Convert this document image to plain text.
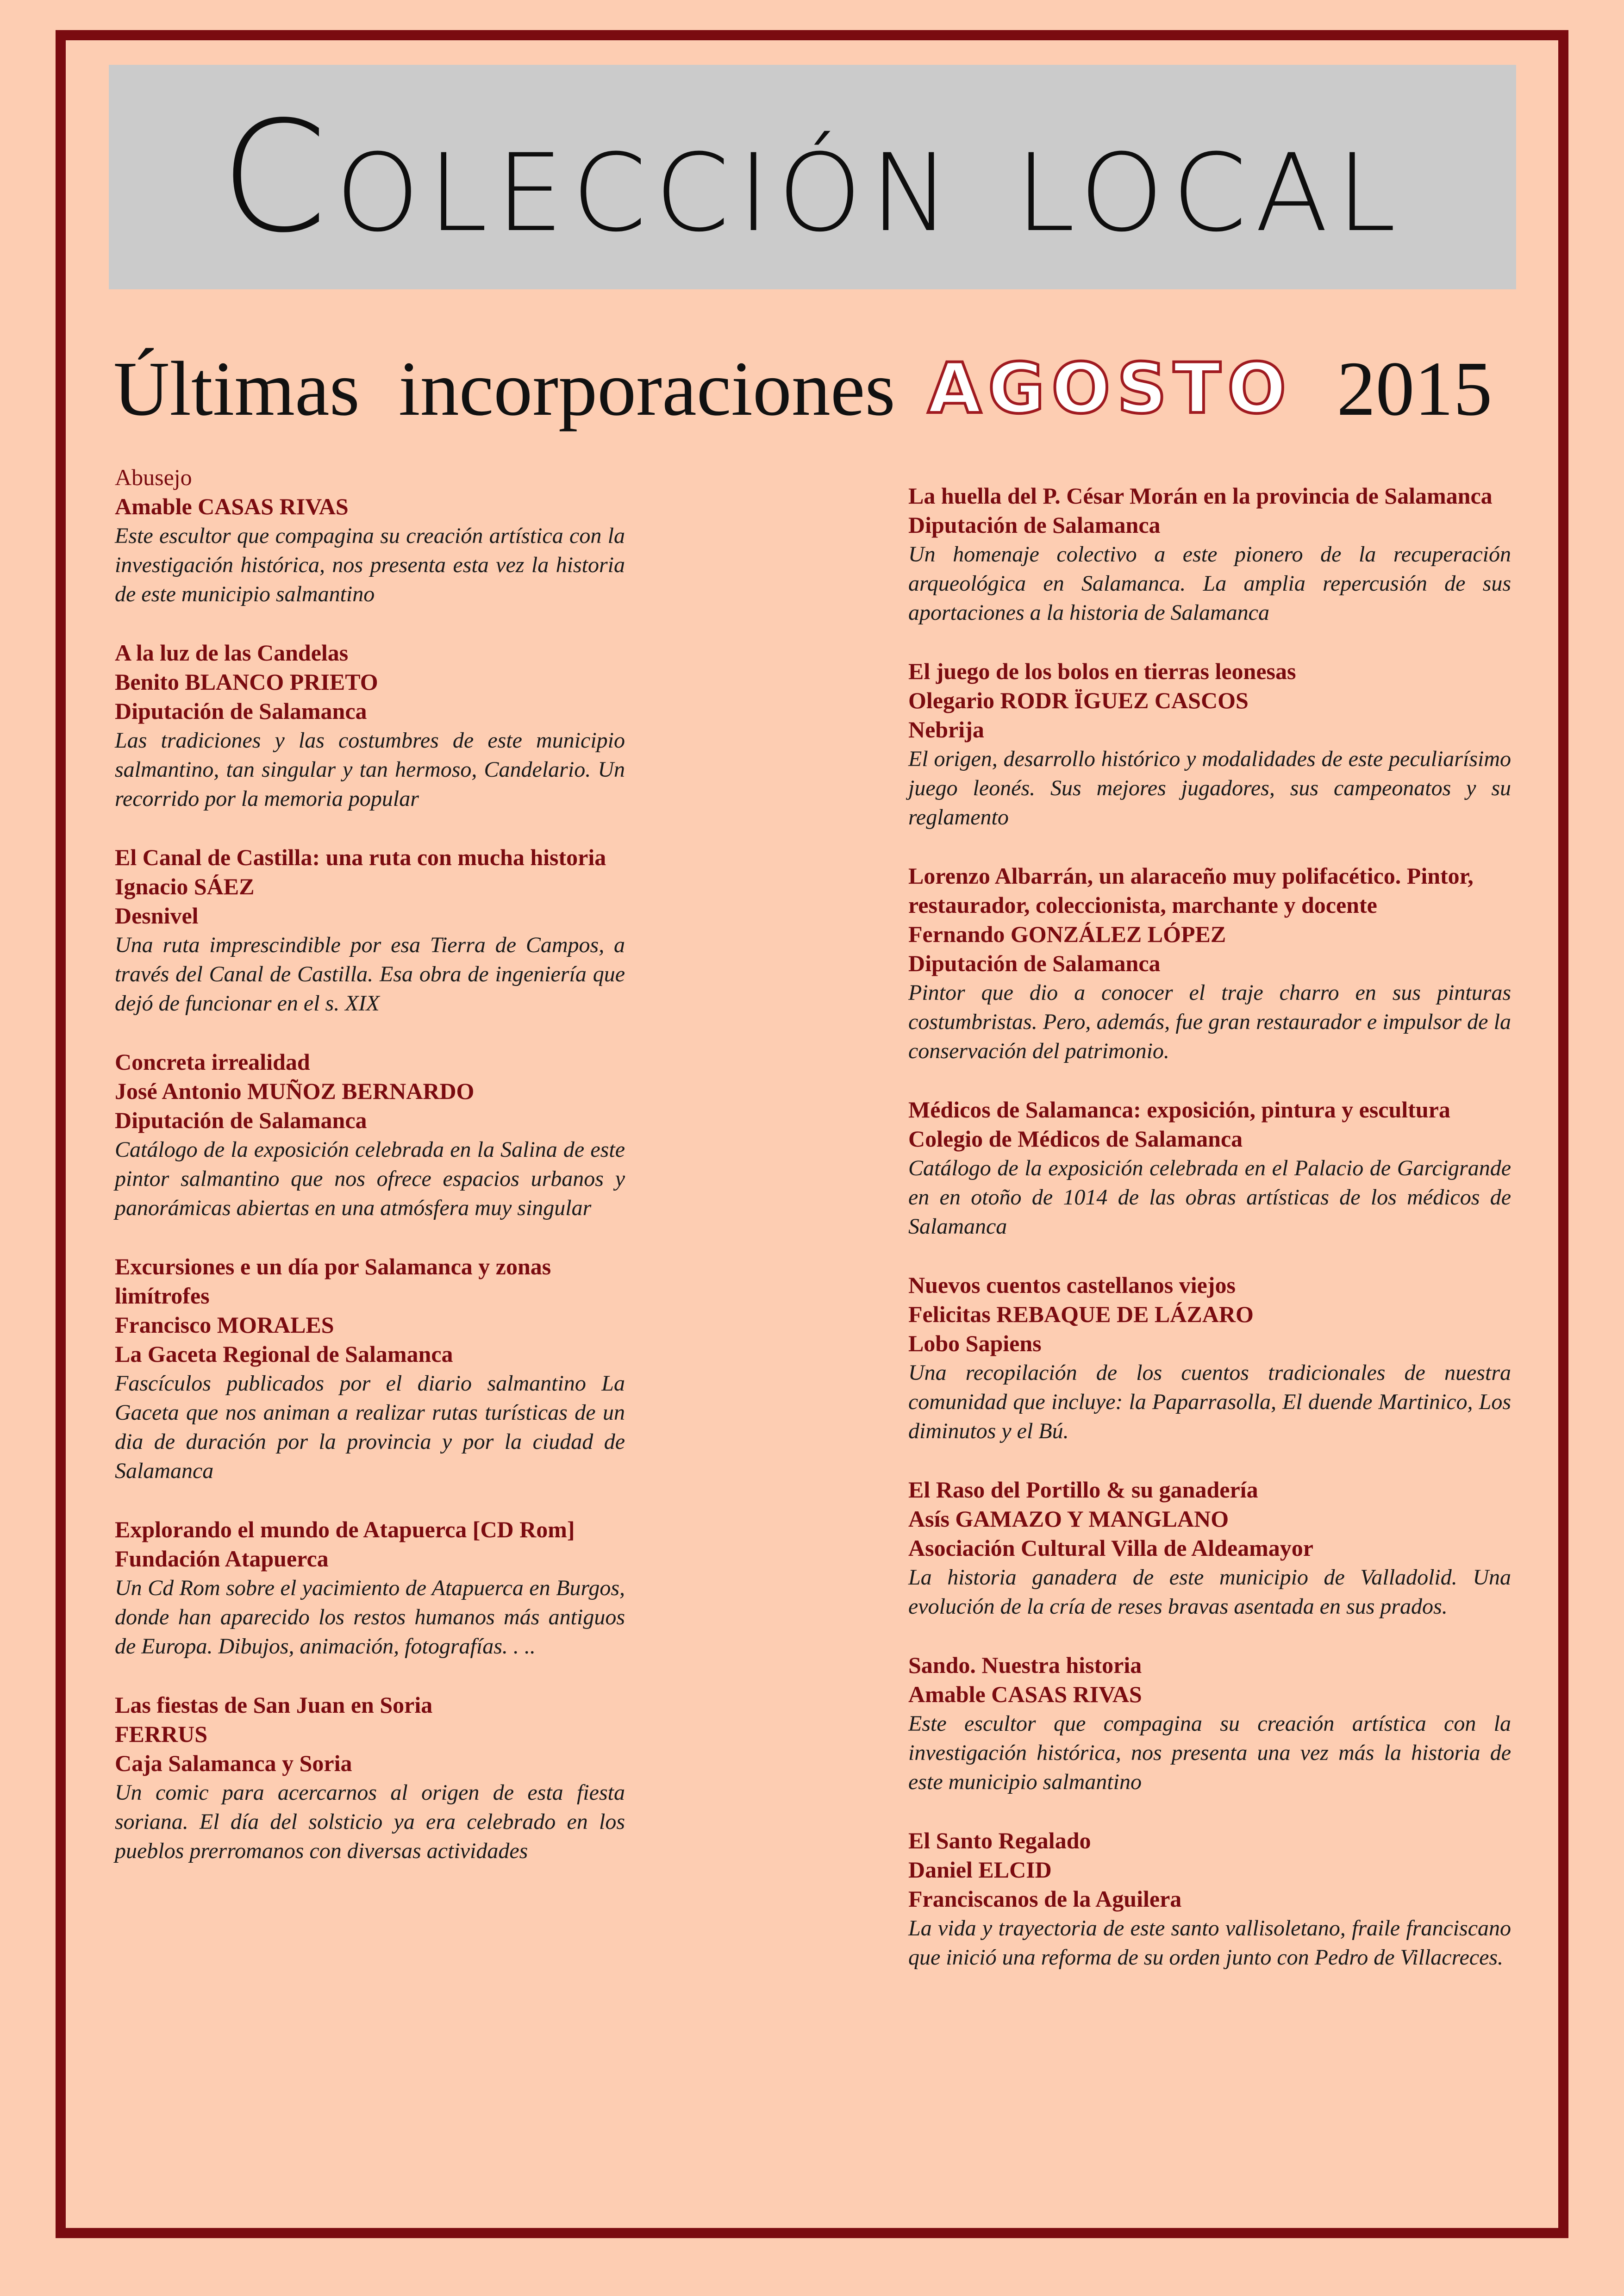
Colección local
Últimas  incorporaciones AGOSTO 2015
Abusejo
Amable CASAS RIVAS
Este escultor que compagina su creación artística con la investigación histórica, nos presenta esta vez la historia de este municipio salmantino
A la luz de las Candelas
Benito BLANCO PRIETO
Diputación de Salamanca
Las tradiciones y las costumbres de este municipio salmantino, tan singular y tan hermoso, Candelario. Un recorrido por la memoria popular
El Canal de Castilla: una ruta con mucha historia
Ignacio SÁEZ
Desnivel
Una ruta imprescindible por esa Tierra de Campos, a través del Canal de Castilla. Esa obra de ingeniería que dejó de funcionar en el s. XIX
Concreta irrealidad
José Antonio MUÑOZ BERNARDO
Diputación de Salamanca
Catálogo de la exposición celebrada en la Salina de este pintor salmantino que nos ofrece espacios urbanos y panorámicas abiertas en una atmósfera muy singular
Excursiones e un día por Salamanca y zonas limítrofes
Francisco MORALES
La Gaceta Regional de Salamanca
Fascículos publicados por el diario salmantino La Gaceta que nos animan a realizar rutas turísticas de un dia de duración por la provincia y por la ciudad de Salamanca
Explorando el mundo de Atapuerca [CD Rom]
Fundación Atapuerca
Un Cd Rom sobre el yacimiento de Atapuerca en Burgos, donde han aparecido los restos humanos más antiguos de Europa. Dibujos, animación, fotografías. . ..
Las fiestas de San Juan en Soria
FERRUS
Caja Salamanca y Soria
Un comic para acercarnos al origen de esta fiesta soriana. El día del solsticio ya era celebrado en los pueblos prerromanos con diversas actividades
La huella del P. César Morán en la provincia de Salamanca
Diputación de Salamanca
Un homenaje colectivo a este pionero de la recuperación arqueológica en Salamanca. La amplia repercusión de sus aportaciones a la historia de Salamanca
El juego de los bolos en tierras leonesas
Olegario RODR ÏGUEZ CASCOS
Nebrija
El origen, desarrollo histórico y modalidades de este peculiarísimo juego leonés. Sus mejores jugadores, sus campeonatos y su reglamento
Lorenzo Albarrán, un alaraceño muy polifacético. Pintor, restaurador, coleccionista, marchante y docente
Fernando GONZÁLEZ LÓPEZ
Diputación de Salamanca
Pintor que dio a conocer el traje charro en sus pinturas costumbristas. Pero, además, fue gran restaurador e impulsor de la conservación del patrimonio.
Médicos de Salamanca: exposición, pintura y escultura
Colegio de Médicos de Salamanca
Catálogo de la exposición celebrada en el Palacio de Garcigrande en en otoño de 1014 de las obras artísticas de los médicos de Salamanca
Nuevos cuentos castellanos viejos
Felicitas REBAQUE DE LÁZARO
Lobo Sapiens
Una recopilación de los cuentos tradicionales de nuestra comunidad que incluye: la Paparrasolla, El duende Martinico, Los diminutos y el Bú.
El Raso del Portillo & su ganadería
Asís GAMAZO Y MANGLANO
Asociación Cultural Villa de Aldeamayor
La historia ganadera de este municipio de Valladolid. Una evolución de la cría de reses bravas asentada en sus prados.
Sando. Nuestra historia
Amable CASAS RIVAS
Este escultor que compagina su creación artística con la investigación histórica, nos presenta una vez más la historia de este municipio salmantino
El Santo Regalado
Daniel ELCID
Franciscanos de la Aguilera
La vida y trayectoria de este santo vallisoletano, fraile franciscano que inició una reforma de su orden junto con Pedro de Villacreces.
